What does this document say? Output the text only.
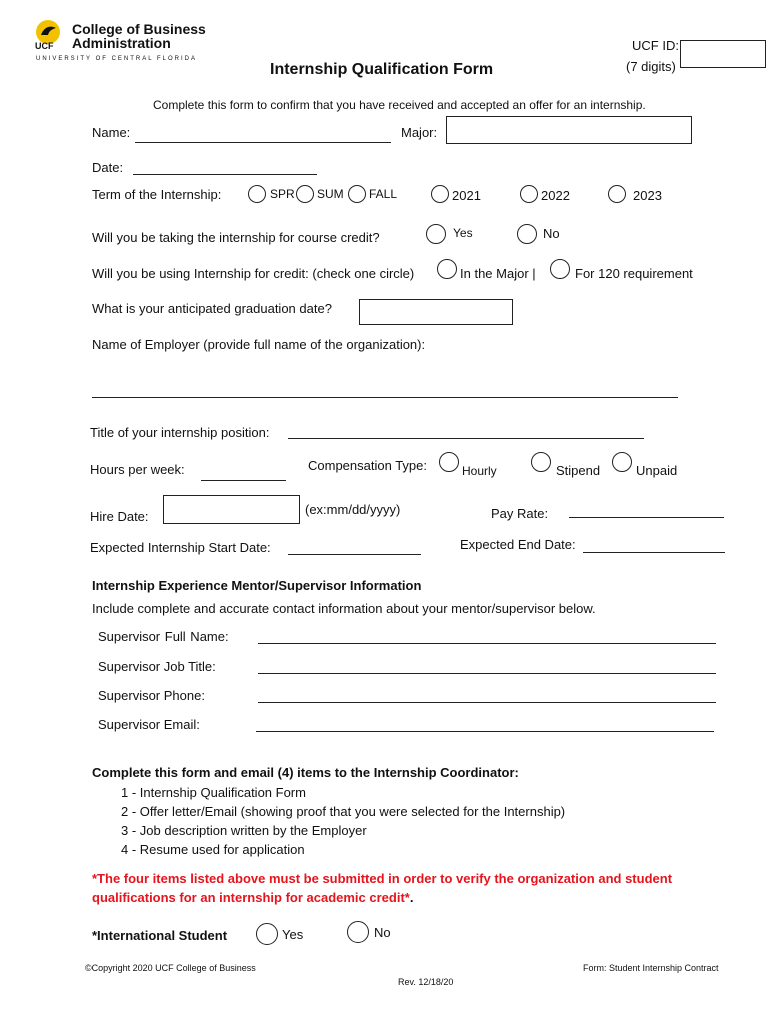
College of Business
Administration
UCF
UNIVERSITY OF CENTRAL FLORIDA
UCF ID:
(7 digits)
Internship Qualification Form
Complete this form to confirm that you have received and accepted an offer for an internship.
Name:	Major:
Date:
Term of the Internship:	SPR SUM FALL	2021	2022	2023
Will you be taking the internship for course credit?	Yes	No
Will you be using Internship for credit: (check one circle)	In the Major |	For 120 requirement
What is your anticipated graduation date?
Name of Employer (provide full name of the organization):
Title of your internship position:
Hours per week:	Compensation Type:	Hourly	Stipend	Unpaid
Hire Date:	(ex:mm/dd/yyyy)	Pay Rate:
Expected Internship Start Date:	Expected End Date:
Internship Experience Mentor/Supervisor Information
Include complete and accurate contact information about your mentor/supervisor below.
Supervisor Full Name:
Supervisor Job Title:
Supervisor Phone:
Supervisor Email:
Complete this form and email (4) items to the Internship Coordinator:
1 - Internship Qualification Form
2 - Offer letter/Email (showing proof that you were selected for the Internship)
3 - Job description written by the Employer
4 - Resume used for application
*The four items listed above must be submitted in order to verify the organization and student
qualifications for an internship for academic credit*.
*International Student	Yes	No
©Copyright 2020 UCF College of Business	Form: Student Internship Contract
Rev. 12/18/20
